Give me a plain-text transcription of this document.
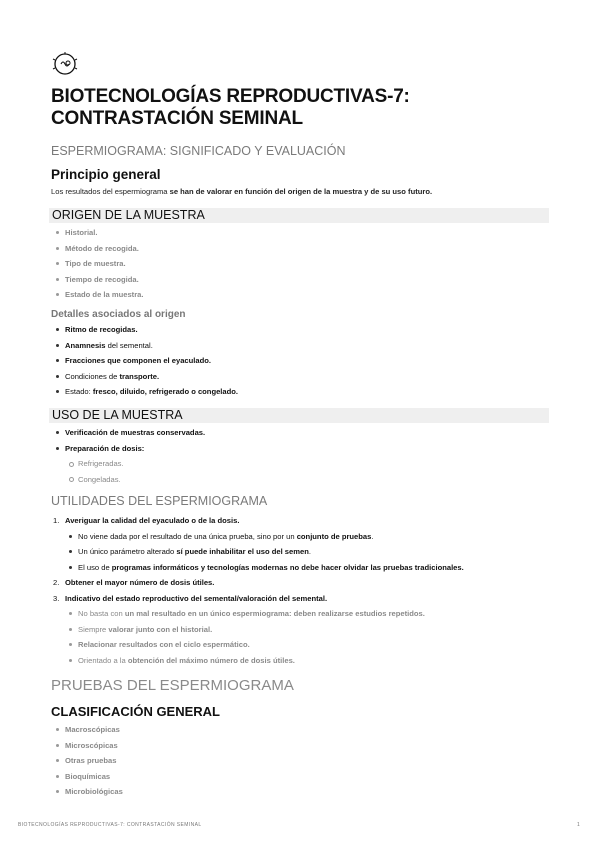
BIOTECNOLOGÍAS REPRODUCTIVAS-7:
CONTRASTACIÓN SEMINAL
ESPERMIOGRAMA: SIGNIFICADO Y EVALUACIÓN
Principio general

Los resultados del espermiograma se han de valorar en función del origen de la muestra y de su uso futuro.

ORIGEN DE LA MUESTRA
Historial.
Método de recogida.
Tipo de muestra.
Tiempo de recogida.
Estado de la muestra.
Detalles asociados al origen
Ritmo de recogidas.
Anamnesis del semental.
Fracciones que componen el eyaculado.
Condiciones de transporte.
Estado: fresco, diluido, refrigerado o congelado.
USO DE LA MUESTRA
Verificación de muestras conservadas.
Preparación de dosis:
Refrigeradas.
Congeladas.
UTILIDADES DEL ESPERMIOGRAMA
1. Averiguar la calidad del eyaculado o de la dosis.
No viene dada por el resultado de una única prueba, sino por un conjunto de pruebas.
Un único parámetro alterado sí puede inhabilitar el uso del semen.
El uso de programas informáticos y tecnologías modernas no debe hacer olvidar las pruebas tradicionales.
2. Obtener el mayor número de dosis útiles.
3. Indicativo del estado reproductivo del semental/valoración del semental.
No basta con un mal resultado en un único espermiograma: deben realizarse estudios repetidos.
Siempre valorar junto con el historial.
Relacionar resultados con el ciclo espermático.
Orientado a la obtención del máximo número de dosis útiles.
PRUEBAS DEL ESPERMIOGRAMA
CLASIFICACIÓN GENERAL
Macroscópicas
Microscópicas
Otras pruebas
Bioquímicas
Microbiológicas
BIOTECNOLOGÍAS REPRODUCTIVAS-7: CONTRASTACIÓN SEMINAL	1
